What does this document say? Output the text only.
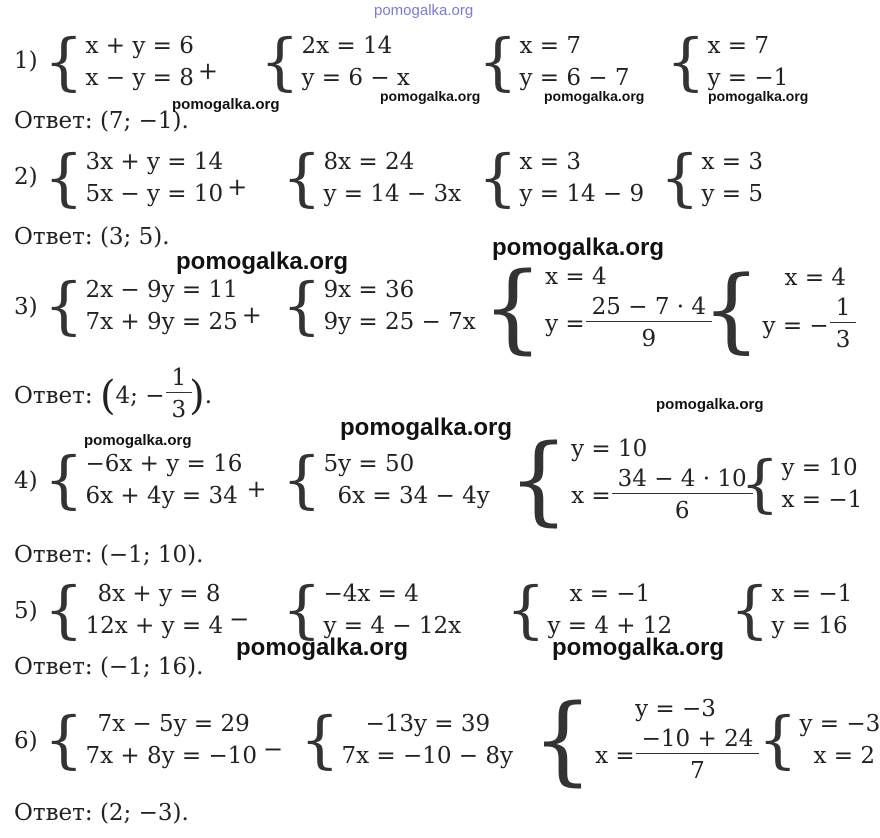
pomogalka.org
1) { x + y = 6
x − y = 8 + { 2x = 14
y = 6 − x { x = 7
y = 6 − 7 { x = 7
y = −1
pomogalka.org	pomogalka.org	pomogalka.org	pomogalka.org
Ответ: (7; −1).
2) { 3x + y = 14
5x − y = 10 + { 8x = 24
y = 14 − 3x { x = 3
y = 14 − 9 { x = 3
y = 5
Ответ: (3; 5).	pomogalka.org
pomogalka.org
3) { 2x − 9y = 11
7x + 9y = 25 + { 9x = 36
9y = 25 − 7x { x = 4
$y = \frac{25 - 7 \cdot 4}{9}$
{	x = 4
y = − $\frac{1}{3}$
Ответ:
( 4; − $\frac{1}{3}$ ) .	pomogalka.org
pomogalka.org
pomogalka.org
4) { −6x + y = 16
6x + 4y = 34 + { 5y = 50
6x = 34 − 4y { y = 10
$x = \frac{34 - 4 \cdot 10}{6}$
{ y = 10
x = −1
Ответ: (−1; 10).
5) { 8x + y = 8
12x + y = 4 − { −4x = 4
y = 4 − 12x {	x = −1
y = 4 + 12 { x = −1
y = 16
pomogalka.org	pomogalka.org
Ответ: (−1; 16).
6) { 7x − 5y = 29
7x + 8y = −10 − {	−13y = 39
7x = −10 − 8y {	y = −3
$x = \frac{-10 + 24}{7}$ { y = −3
x = 2
Ответ: (2; −3).
